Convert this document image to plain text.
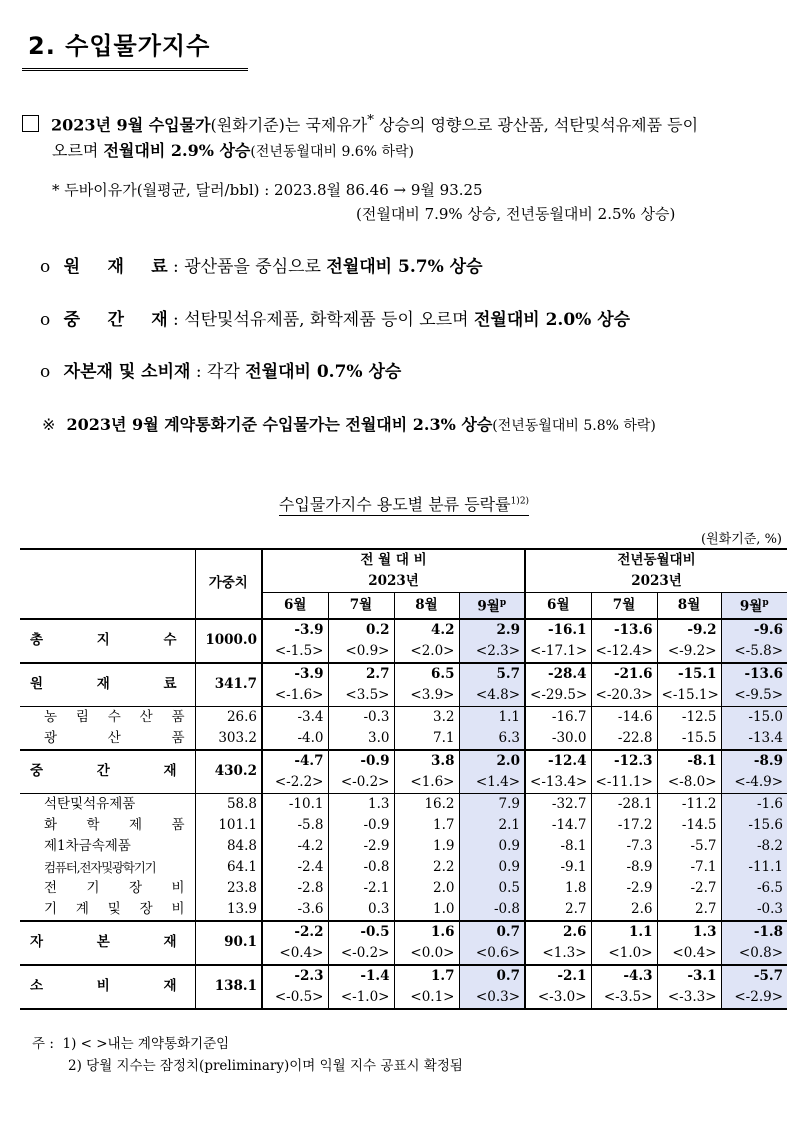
2. 수입물가지수
2023년 9월 수입물가(원화기준)는 국제유가* 상승의 영향으로 광산품, 석탄및석유제품 등이
오르며 전월대비 2.9% 상승(전년동월대비 9.6% 하락)
* 두바이유가(월평균, 달러/bbl) : 2023.8월 86.46 → 9월 93.25
(전월대비 7.9% 상승, 전년동월대비 2.5% 상승)
o 원 재 료 : 광산품을 중심으로 전월대비 5.7% 상승
o 중 간 재 : 석탄및석유제품, 화학제품 등이 오르며 전월대비 2.0% 상승
o 자본재 및 소비재 : 각각 전월대비 0.7% 상승
※ 2023년 9월 계약통화기준 수입물가는 전월대비 2.3% 상승(전년동월대비 5.8% 하락)
수입물가지수 용도별 분류 등락률$^{1)2)}$
(원화기준, %)
	가중치	전 월 대 비				전년동월대비			
		2023년				2023년			
		6월	7월	8월	9월$^p$	6월	7월	8월	9월$^p$

총 지 수	1000.0	-3.9	0.2	4.2	2.9	-16.1	-13.6	-9.2	-9.6
		<-1.5>	<0.9>	<2.0>	<2.3>	<-17.1>	<-12.4>	<-9.2>	<-5.8>

원 재 료	341.7	-3.9	2.7	6.5	5.7	-28.4	-21.6	-15.1	-13.6
		<-1.6>	<3.5>	<3.9>	<4.8>	<-29.5>	<-20.3>	<-15.1>	<-9.5>

농 림 수 산 품	26.6	-3.4	-0.3	3.2	1.1	-16.7	-14.6	-12.5	-15.0

광 산 품	303.2	-4.0	3.0	7.1	6.3	-30.0	-22.8	-15.5	-13.4

중 간 재	430.2	-4.7	-0.9	3.8	2.0	-12.4	-12.3	-8.1	-8.9
		<-2.2>	<-0.2>	<1.6>	<1.4>	<-13.4>	<-11.1>	<-8.0>	<-4.9>

석탄및석유제품	58.8	-10.1	1.3	16.2	7.9	-32.7	-28.1	-11.2	-1.6

화 학 제 품	101.1	-5.8	-0.9	1.7	2.1	-14.7	-17.2	-14.5	-15.6

제1차금속제품	84.8	-4.2	-2.9	1.9	0.9	-8.1	-7.3	-5.7	-8.2

컴퓨터,전자및광학기기	64.1	-2.4	-0.8	2.2	0.9	-9.1	-8.9	-7.1	-11.1

전 기 장 비	23.8	-2.8	-2.1	2.0	0.5	1.8	-2.9	-2.7	-6.5

기 계 및 장 비	13.9	-3.6	0.3	1.0	-0.8	2.7	2.6	2.7	-0.3

자 본 재	90.1	-2.2	-0.5	1.6	0.7	2.6	1.1	1.3	-1.8
		<0.4>	<-0.2>	<0.0>	<0.6>	<1.3>	<1.0>	<0.4>	<0.8>

소 비 재	138.1	-2.3	-1.4	1.7	0.7	-2.1	-4.3	-3.1	-5.7
		<-0.5>	<-1.0>	<0.1>	<0.3>	<-3.0>	<-3.5>	<-3.3>	<-2.9>
주 : 1) < >내는 계약통화기준임
2) 당월 지수는 잠정치(preliminary)이며 익월 지수 공표시 확정됨
